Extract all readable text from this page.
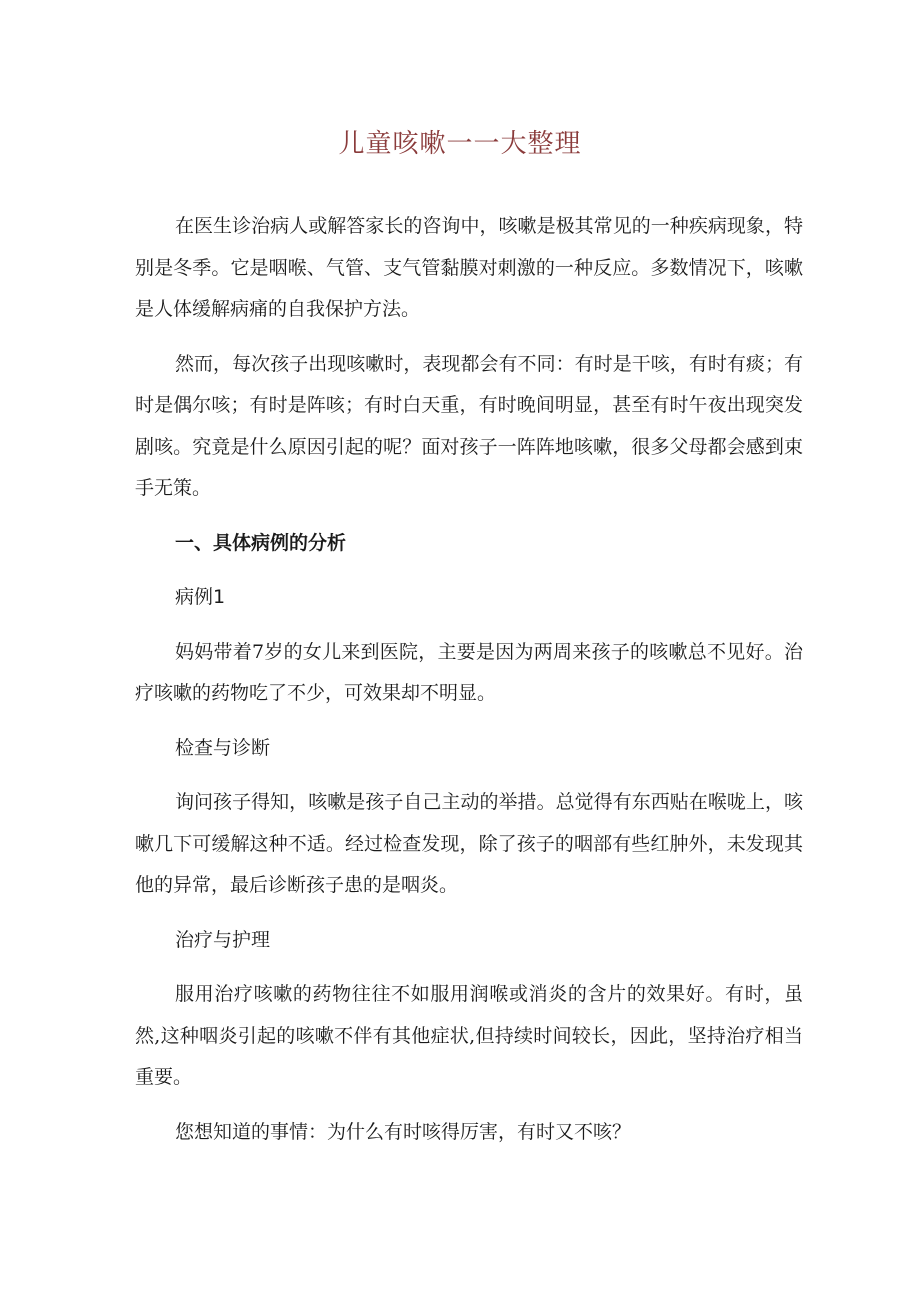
儿童咳嗽一一大整理

在医生诊治病人或解答家长的咨询中，咳嗽是极其常见的一种疾病现象，特别是冬季。它是咽喉、气管、支气管黏膜对刺激的一种反应。多数情况下，咳嗽是人体缓解病痛的自我保护方法。

然而，每次孩子出现咳嗽时，表现都会有不同：有时是干咳，有时有痰；有时是偶尔咳；有时是阵咳；有时白天重，有时晚间明显，甚至有时午夜出现突发剧咳。究竟是什么原因引起的呢？面对孩子一阵阵地咳嗽，很多父母都会感到束手无策。

一、具体病例的分析

病例1

妈妈带着7岁的女儿来到医院，主要是因为两周来孩子的咳嗽总不见好。治疗咳嗽的药物吃了不少，可效果却不明显。

检查与诊断

询问孩子得知，咳嗽是孩子自己主动的举措。总觉得有东西贴在喉咙上，咳嗽几下可缓解这种不适。经过检查发现，除了孩子的咽部有些红肿外，未发现其他的异常，最后诊断孩子患的是咽炎。

治疗与护理

服用治疗咳嗽的药物往往不如服用润喉或消炎的含片的效果好。有时，虽然,这种咽炎引起的咳嗽不伴有其他症状,但持续时间较长，因此，坚持治疗相当重要。

您想知道的事情：为什么有时咳得厉害，有时又不咳？
